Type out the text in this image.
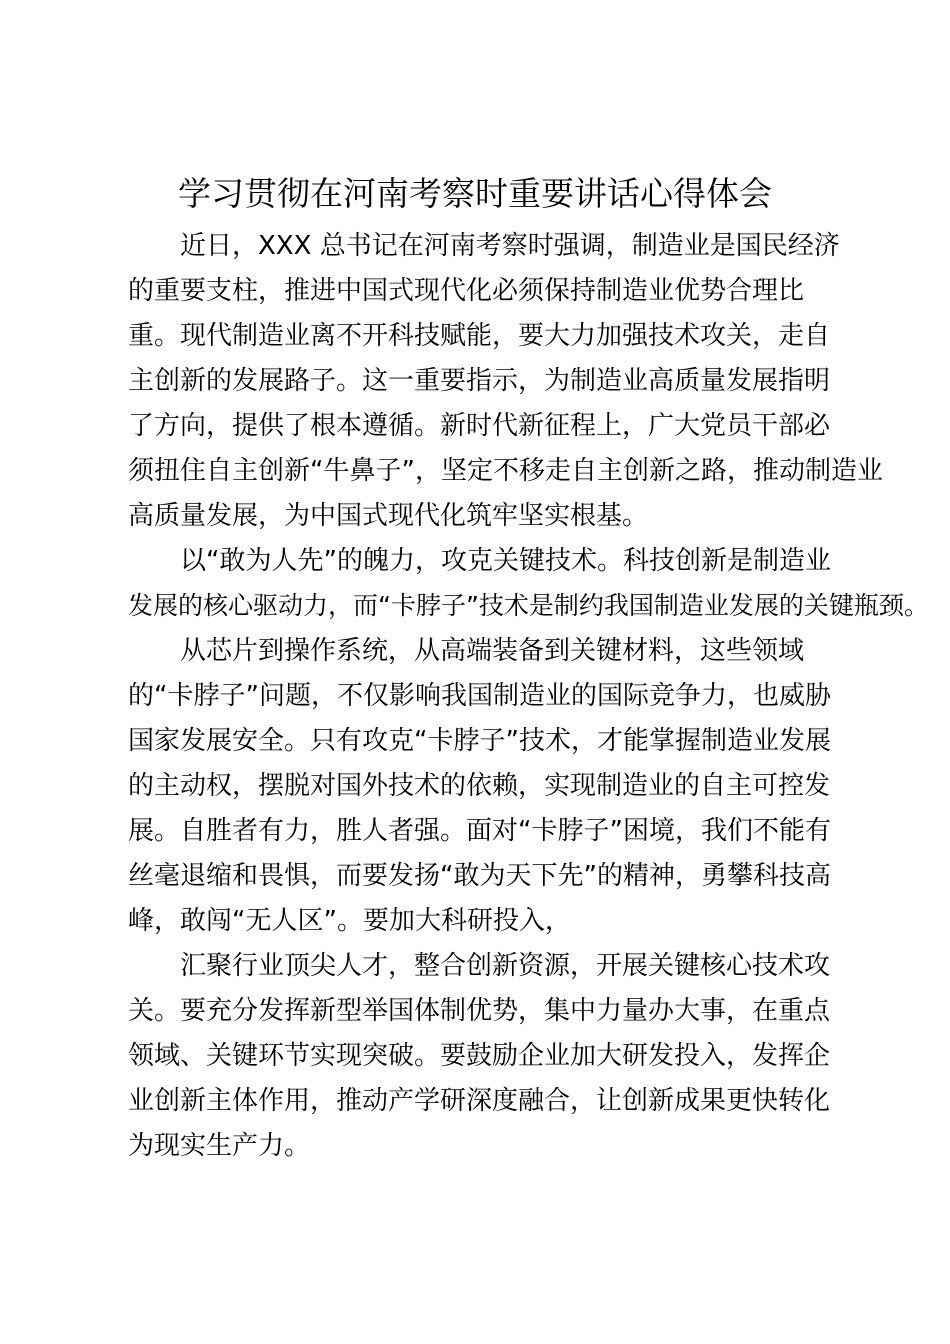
学习贯彻在河南考察时重要讲话心得体会

近日，XXX 总书记在河南考察时强调，制造业是国民经济

的重要支柱，推进中国式现代化必须保持制造业优势合理比

重。现代制造业离不开科技赋能，要大力加强技术攻关，走自

主创新的发展路子。这一重要指示，为制造业高质量发展指明

了方向，提供了根本遵循。新时代新征程上，广大党员干部必

须扭住自主创新“牛鼻子”，坚定不移走自主创新之路，推动制造业

高质量发展，为中国式现代化筑牢坚实根基。

以“敢为人先”的魄力，攻克关键技术。科技创新是制造业

发展的核心驱动力，而“卡脖子”技术是制约我国制造业发展的关键瓶颈。

从芯片到操作系统，从高端装备到关键材料，这些领域

的“卡脖子”问题，不仅影响我国制造业的国际竞争力，也威胁

国家发展安全。只有攻克“卡脖子”技术，才能掌握制造业发展

的主动权，摆脱对国外技术的依赖，实现制造业的自主可控发

展。自胜者有力，胜人者强。面对“卡脖子”困境，我们不能有

丝毫退缩和畏惧，而要发扬“敢为天下先”的精神，勇攀科技高

峰，敢闯“无人区”。要加大科研投入，

汇聚行业顶尖人才，整合创新资源，开展关键核心技术攻

关。要充分发挥新型举国体制优势，集中力量办大事，在重点

领域、关键环节实现突破。要鼓励企业加大研发投入，发挥企

业创新主体作用，推动产学研深度融合，让创新成果更快转化

为现实生产力。
